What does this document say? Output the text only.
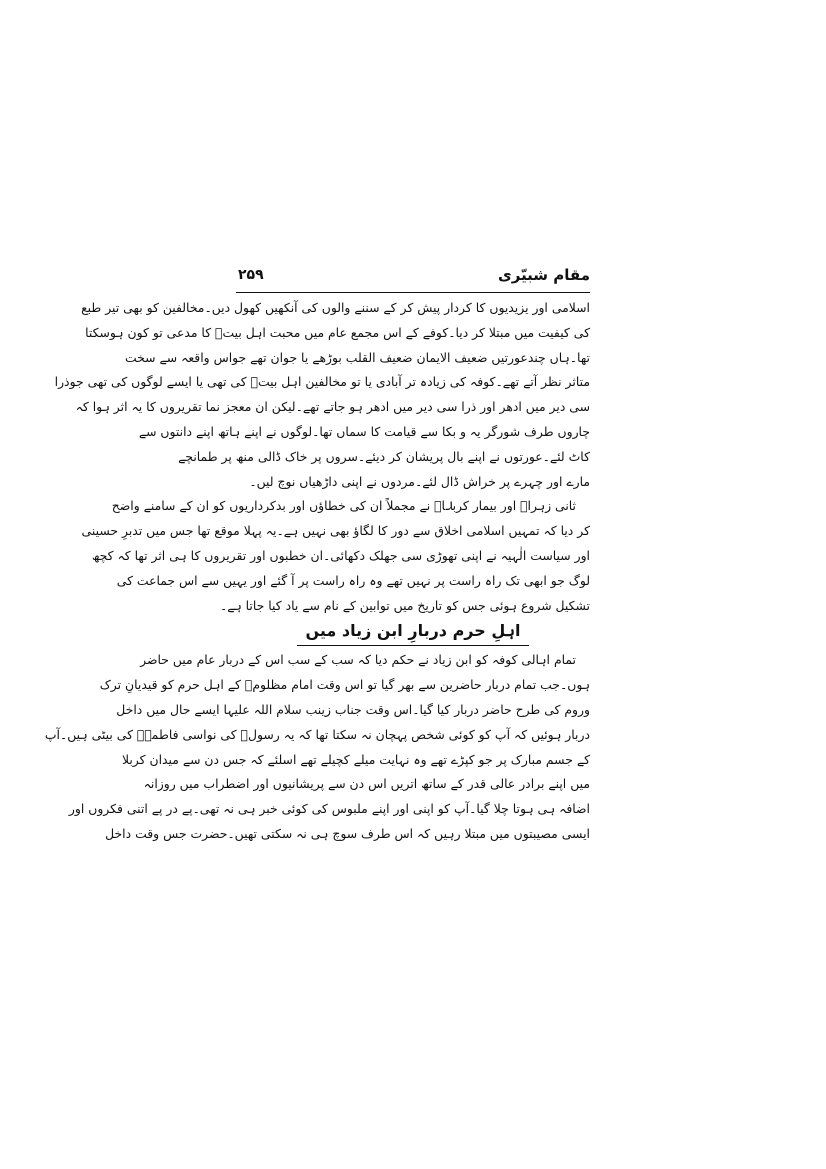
مقام شبیّری
۲۵۹
اسلامی اور یزیدیوں کا کردار پیش کر کے سننے والوں کی آنکھیں کھول دیں۔مخالفین کو بھی تیر طبع
کی کیفیت میں مبتلا کر دیا۔کوفے کے اس مجمع عام میں محبت اہل بیتؑ کا مدعی تو کون ہوسکتا
تھا۔ہاں چندعورتیں ضعیف الایمان ضعیف القلب بوڑھے یا جوان تھے جواس واقعہ سے سخت
متاثر نظر آتے تھے۔کوفہ کی زیادہ تر آبادی یا تو مخالفین اہل بیتؑ کی تھی یا ایسے لوگوں کی تھی جوذرا
سی دیر میں ادھر اور ذرا سی دیر میں ادھر ہو جاتے تھے۔لیکن ان معجز نما تقریروں کا یہ اثر ہوا کہ
چاروں طرف شورگر یہ و بکا سے قیامت کا سماں تھا۔لوگوں نے اپنے ہاتھ اپنے دانتوں سے
کاٹ لئے۔عورتوں نے اپنے بال پریشان کر دیئے۔سروں پر خاک ڈالی منھ پر طمانچے
مارے اور چہرے پر خراش ڈال لئے۔مردوں نے اپنی داڑھیاں نوچ لیں۔
ثانی زہراؑ اور بیمار کربلاؑ نے مجملاً ان کی خطاؤں اور بدکرداریوں کو ان کے سامنے واضح
کر دیا کہ تمہیں اسلامی اخلاق سے دور کا لگاؤ بھی نہیں ہے۔یہ پہلا موقع تھا جس میں تدبرِ حسینی
اور سیاست الٰہیہ نے اپنی تھوڑی سی جھلک دکھائی۔ان خطبوں اور تقریروں کا ہی اثر تھا کہ کچھ
لوگ جو ابھی تک راہ راست پر نہیں تھے وہ راہ راست پر آ گئے اور یہیں سے اس جماعت کی
تشکیل شروع ہوئی جس کو تاریخ میں توابین کے نام سے یاد کیا جاتا ہے۔
اہلِ حرم دربارِ ابن زیاد میں
تمام اہالی کوفہ کو ابن زیاد نے حکم دیا کہ سب کے سب اس کے دربار عام میں حاضر
ہوں۔جب تمام دربار حاضرین سے بھر گیا تو اس وقت امام مظلومؑ کے اہل حرم کو قیدیانِ ترک
وروم کی طرح حاضر دربار کیا گیا۔اس وقت جناب زینب سلام اللہ علیہا ایسے حال میں داخل
دربار ہوئیں کہ آپ کو کوئی شخص پہچان نہ سکتا تھا کہ یہ رسولؐ کی نواسی فاطمہؑ کی بیٹی ہیں۔آپ
کے جسم مبارک پر جو کپڑے تھے وہ نہایت میلے کچیلے تھے اسلئے کہ جس دن سے میدان کربلا
میں اپنے برادر عالی قدر کے ساتھ اتریں اس دن سے پریشانیوں اور اضطراب میں روزانہ
اضافہ ہی ہوتا چلا گیا۔آپ کو اپنی اور اپنے ملبوس کی کوئی خبر ہی نہ تھی۔پے در پے اتنی فکروں اور
ایسی مصیبتوں میں مبتلا رہیں کہ اس طرف سوچ ہی نہ سکتی تھیں۔حضرت جس وقت داخل
